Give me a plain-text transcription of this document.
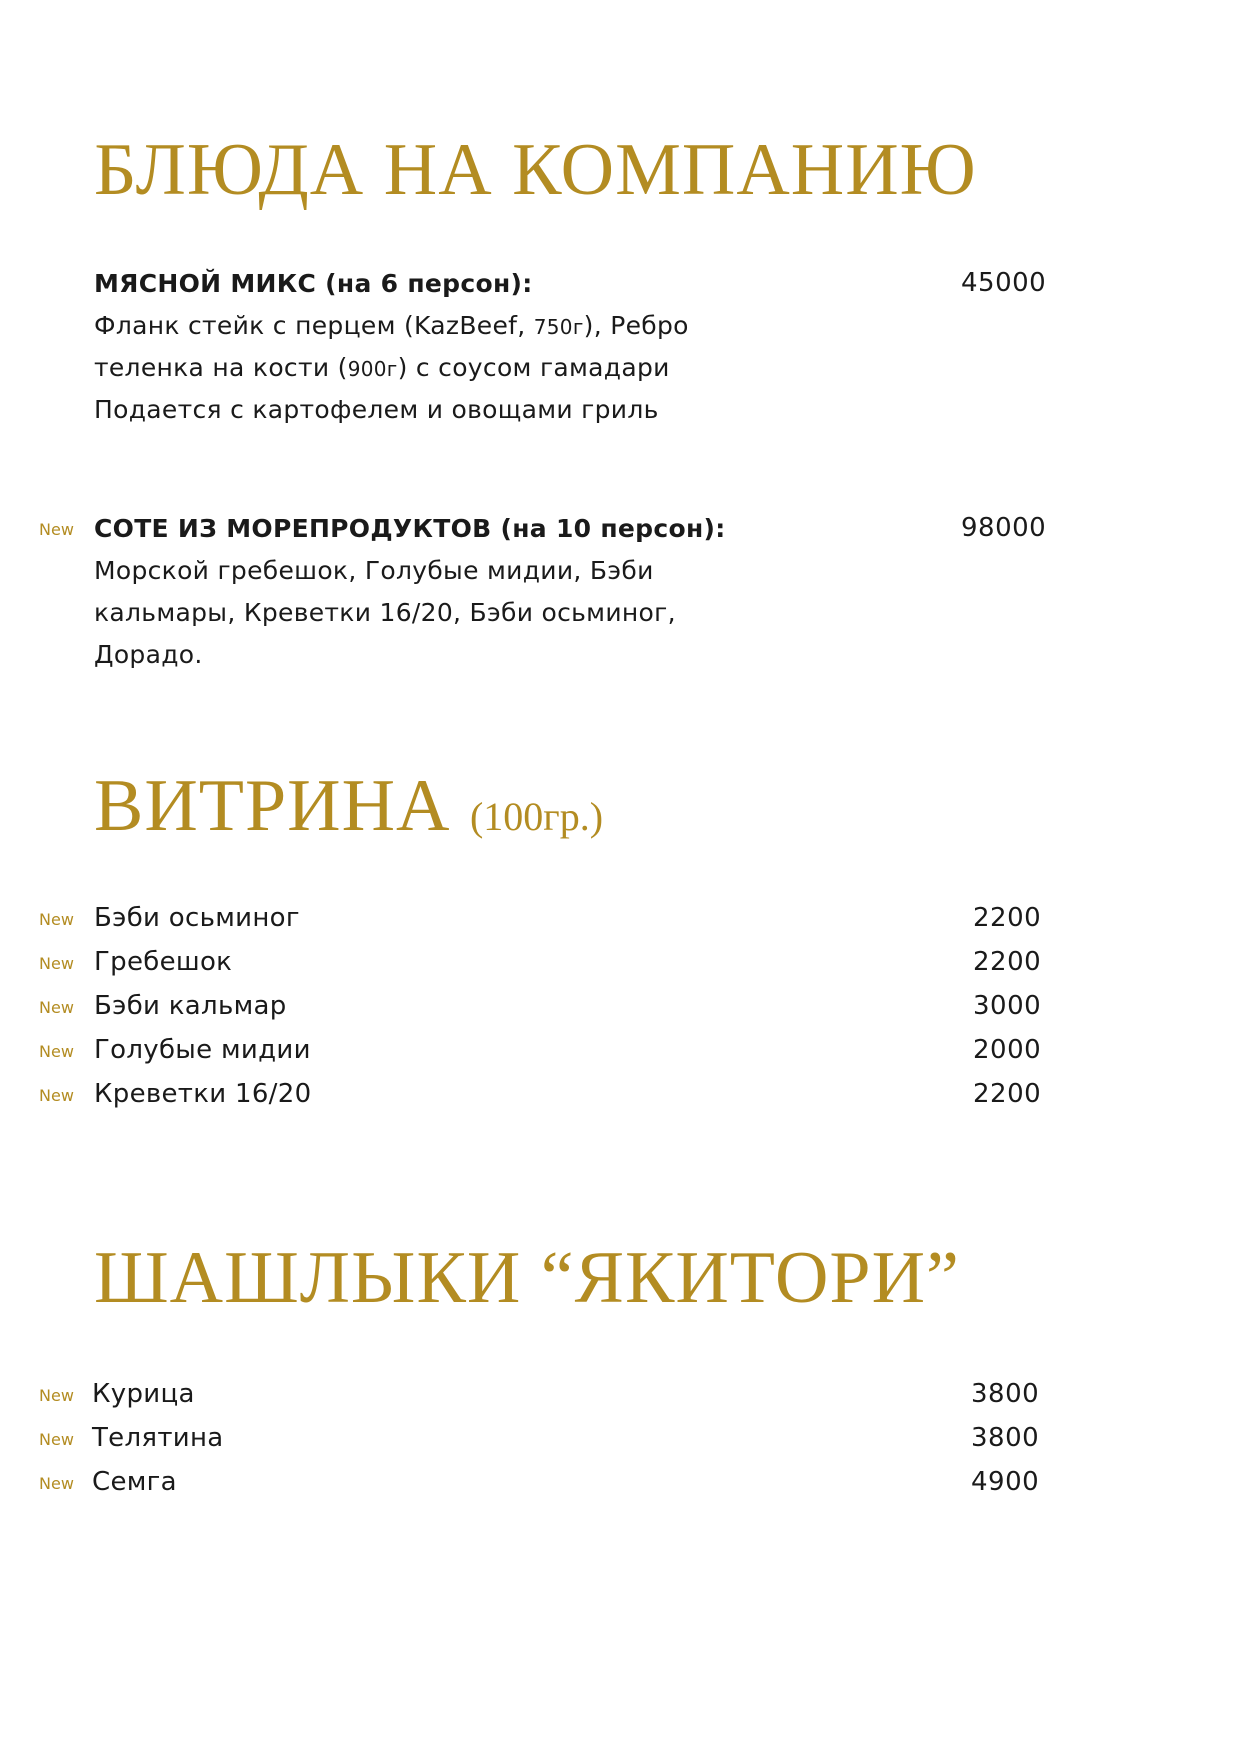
БЛЮДА НА КОМПАНИЮ
МЯСНОЙ МИКС (на 6 персон):	45000
Фланк стейк с перцем (KazBeef, 750г), Ребро
теленка на кости (900г) с соусом гамадари
Подается с картофелем и овощами гриль
New СОТЕ ИЗ МОРЕПРОДУКТОВ (на 10 персон):	98000
Морской гребешок, Голубые мидии, Бэби
кальмары, Креветки 16/20, Бэби осьминог,
Дорадо.
ВИТРИНА (100гр.)
New Бэби осьминог	2200
New Гребешок	2200
New Бэби кальмар	3000
New Голубые мидии	2000
New Креветки 16/20	2200
ШАШЛЫКИ “ЯКИТОРИ”
New Курица	3800
New Телятина	3800
New Семга	4900
